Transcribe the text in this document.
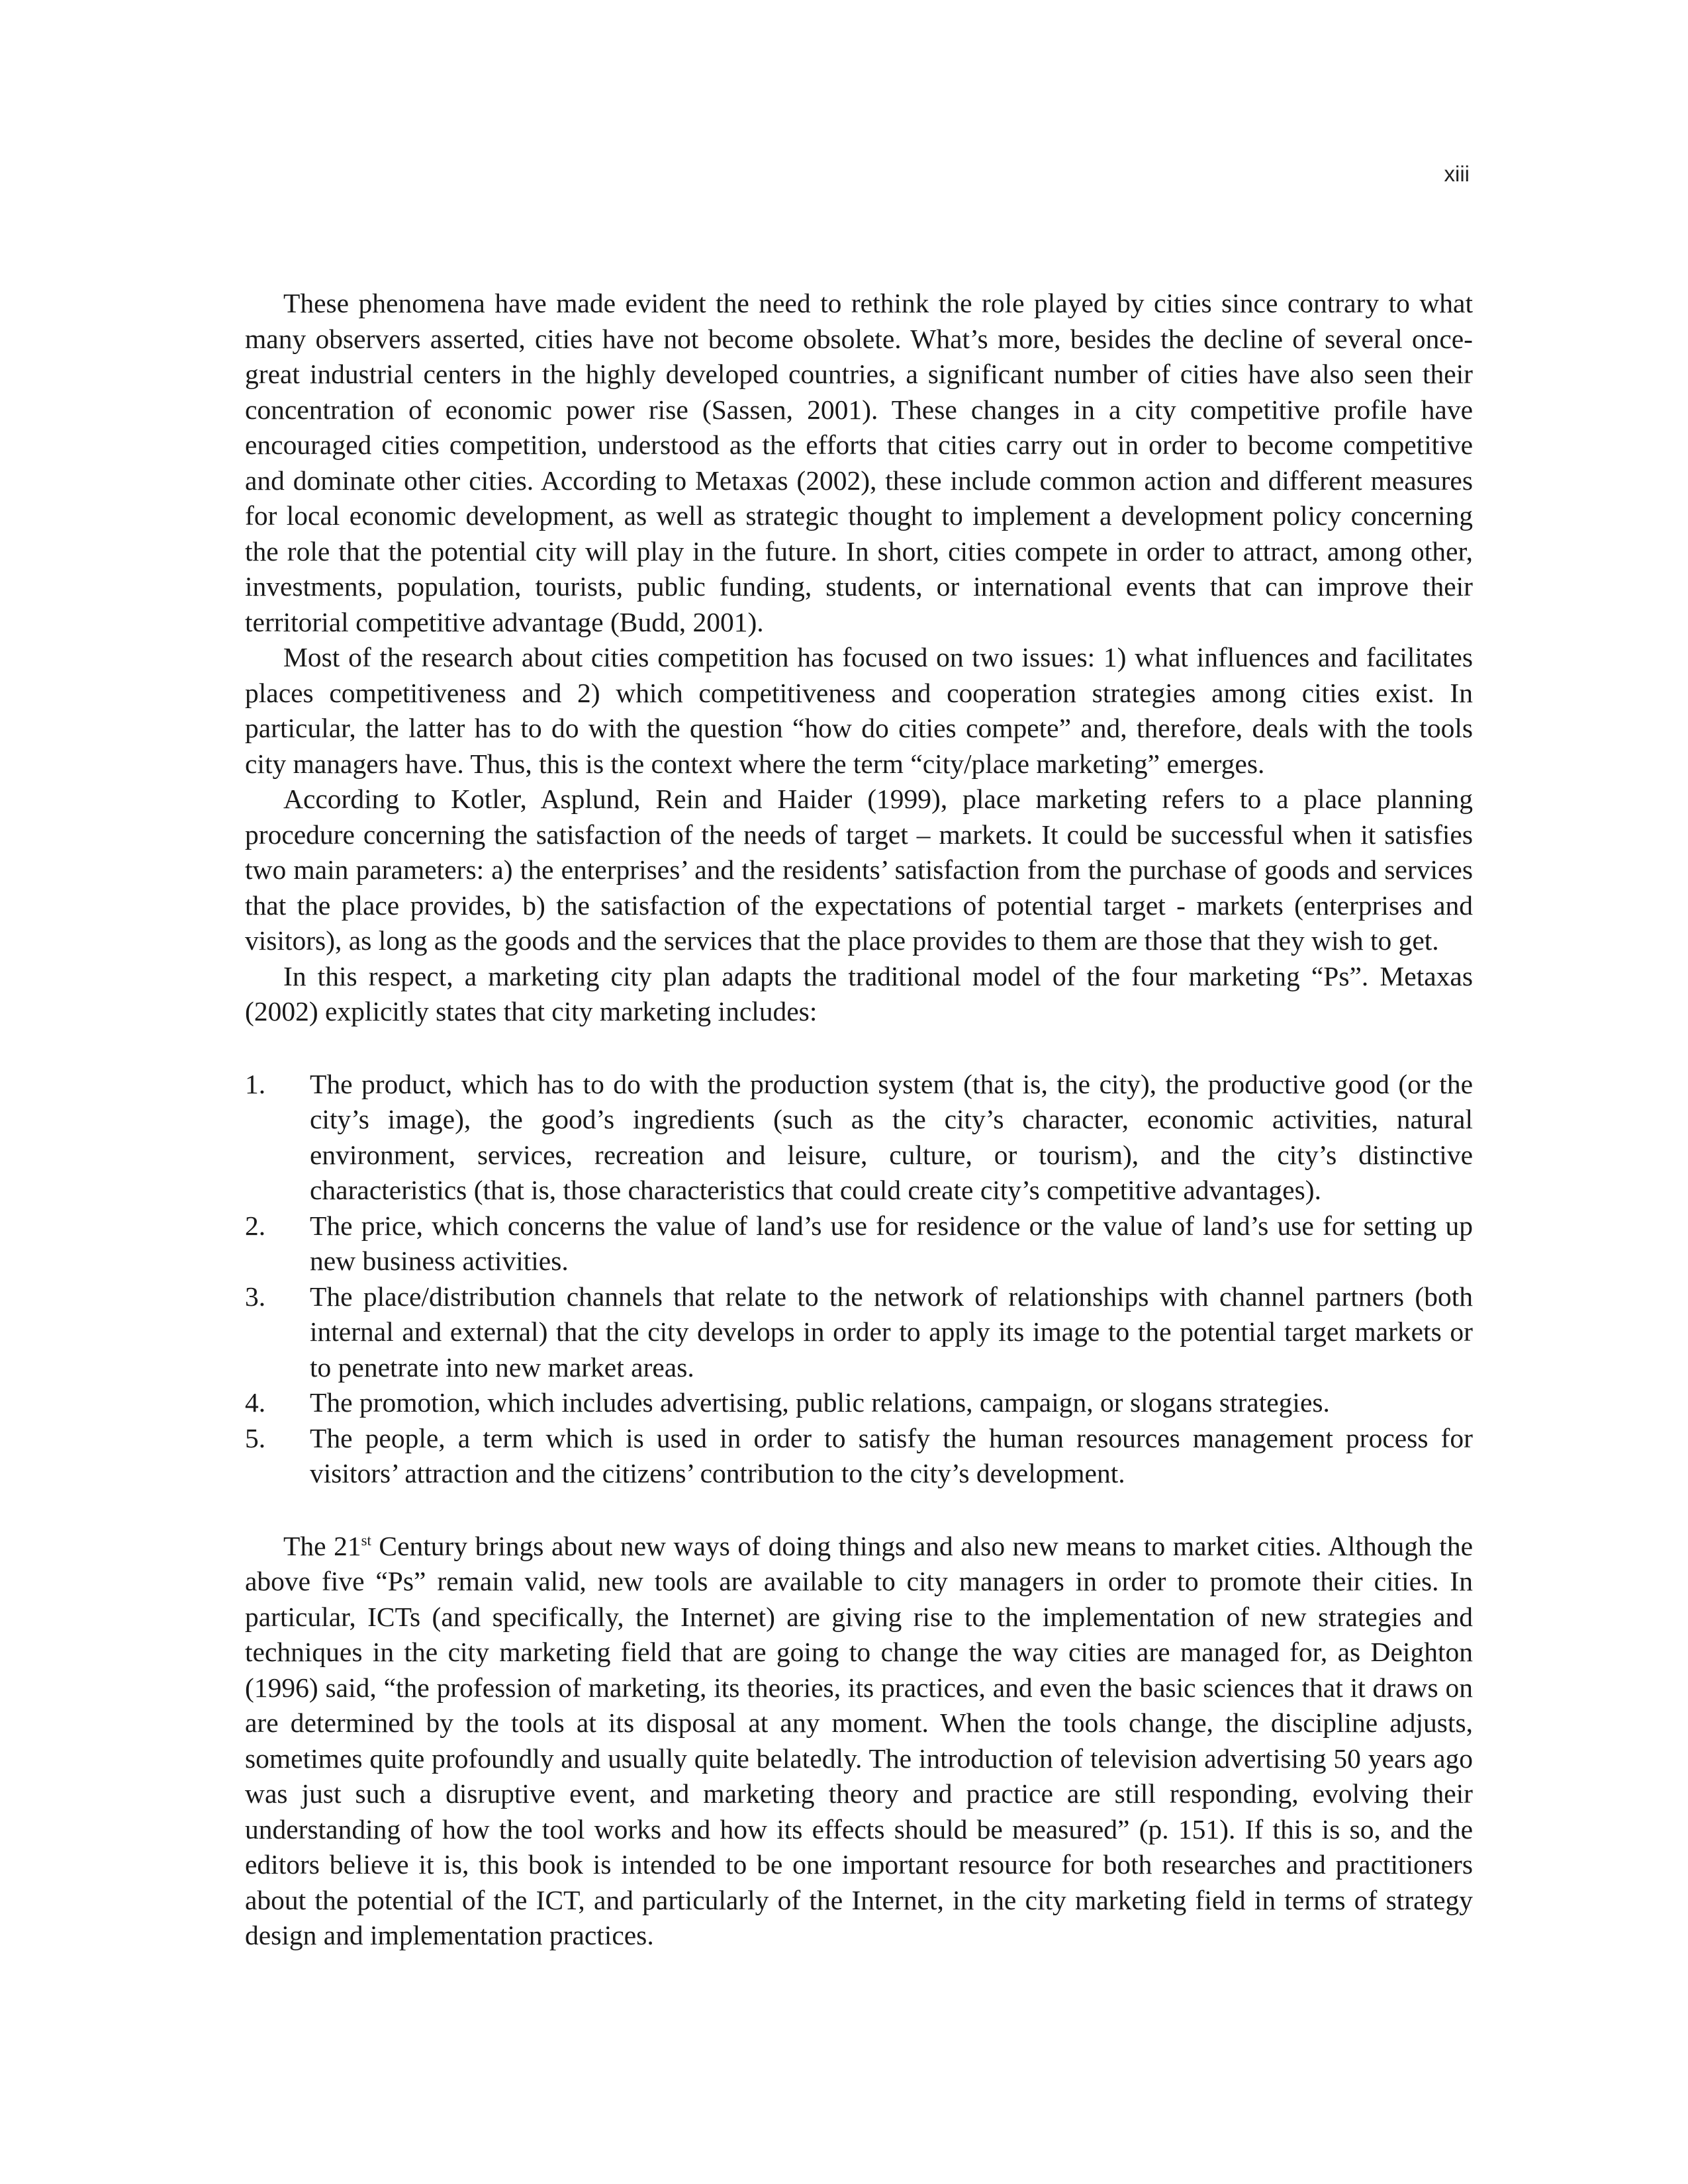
xiii

These phenomena have made evident the need to rethink the role played by cities since contrary to what many observers asserted, cities have not become obsolete. What’s more, besides the decline of several once-great industrial centers in the highly developed countries, a significant number of cities have also seen their concentration of economic power rise (Sassen, 2001). These changes in a city competitive profile have encouraged cities competition, understood as the efforts that cities carry out in order to become competitive and dominate other cities. According to Metaxas (2002), these include common action and different measures for local economic development, as well as strategic thought to implement a development policy concerning the role that the potential city will play in the future. In short, cities compete in order to attract, among other, investments, population, tourists, public funding, students, or international events that can improve their territorial competitive advantage (Budd, 2001).

Most of the research about cities competition has focused on two issues: 1) what influences and facilitates places competitiveness and 2) which competitiveness and cooperation strategies among cities exist. In particular, the latter has to do with the question “how do cities compete” and, therefore, deals with the tools city managers have. Thus, this is the context where the term “city/place marketing” emerges.

According to Kotler, Asplund, Rein and Haider (1999), place marketing refers to a place planning procedure concerning the satisfaction of the needs of target – markets. It could be successful when it satisfies two main parameters: a) the enterprises’ and the residents’ satisfaction from the purchase of goods and services that the place provides, b) the satisfaction of the expectations of potential target - markets (enterprises and visitors), as long as the goods and the services that the place provides to them are those that they wish to get.

In this respect, a marketing city plan adapts the traditional model of the four marketing “Ps”. Metaxas (2002) explicitly states that city marketing includes:

1. The product, which has to do with the production system (that is, the city), the productive good (or the city’s image), the good’s ingredients (such as the city’s character, economic activities, natural environment, services, recreation and leisure, culture, or tourism), and the city’s distinctive characteristics (that is, those characteristics that could create city’s competitive advantages).
2. The price, which concerns the value of land’s use for residence or the value of land’s use for setting up new business activities.
3. The place/distribution channels that relate to the network of relationships with channel partners (both internal and external) that the city develops in order to apply its image to the potential target markets or to penetrate into new market areas.
4. The promotion, which includes advertising, public relations, campaign, or slogans strategies.
5. The people, a term which is used in order to satisfy the human resources management process for visitors’ attraction and the citizens’ contribution to the city’s development.

The 21st Century brings about new ways of doing things and also new means to market cities. Although the above five “Ps” remain valid, new tools are available to city managers in order to promote their cities. In particular, ICTs (and specifically, the Internet) are giving rise to the implementation of new strategies and techniques in the city marketing field that are going to change the way cities are managed for, as Deighton (1996) said, “the profession of marketing, its theories, its practices, and even the basic sciences that it draws on are determined by the tools at its disposal at any moment. When the tools change, the discipline adjusts, sometimes quite profoundly and usually quite belatedly. The introduction of television advertising 50 years ago was just such a disruptive event, and marketing theory and practice are still responding, evolving their understanding of how the tool works and how its effects should be measured” (p. 151). If this is so, and the editors believe it is, this book is intended to be one important resource for both researches and practitioners about the potential of the ICT, and particularly of the Internet, in the city marketing field in terms of strategy design and implementation practices.
